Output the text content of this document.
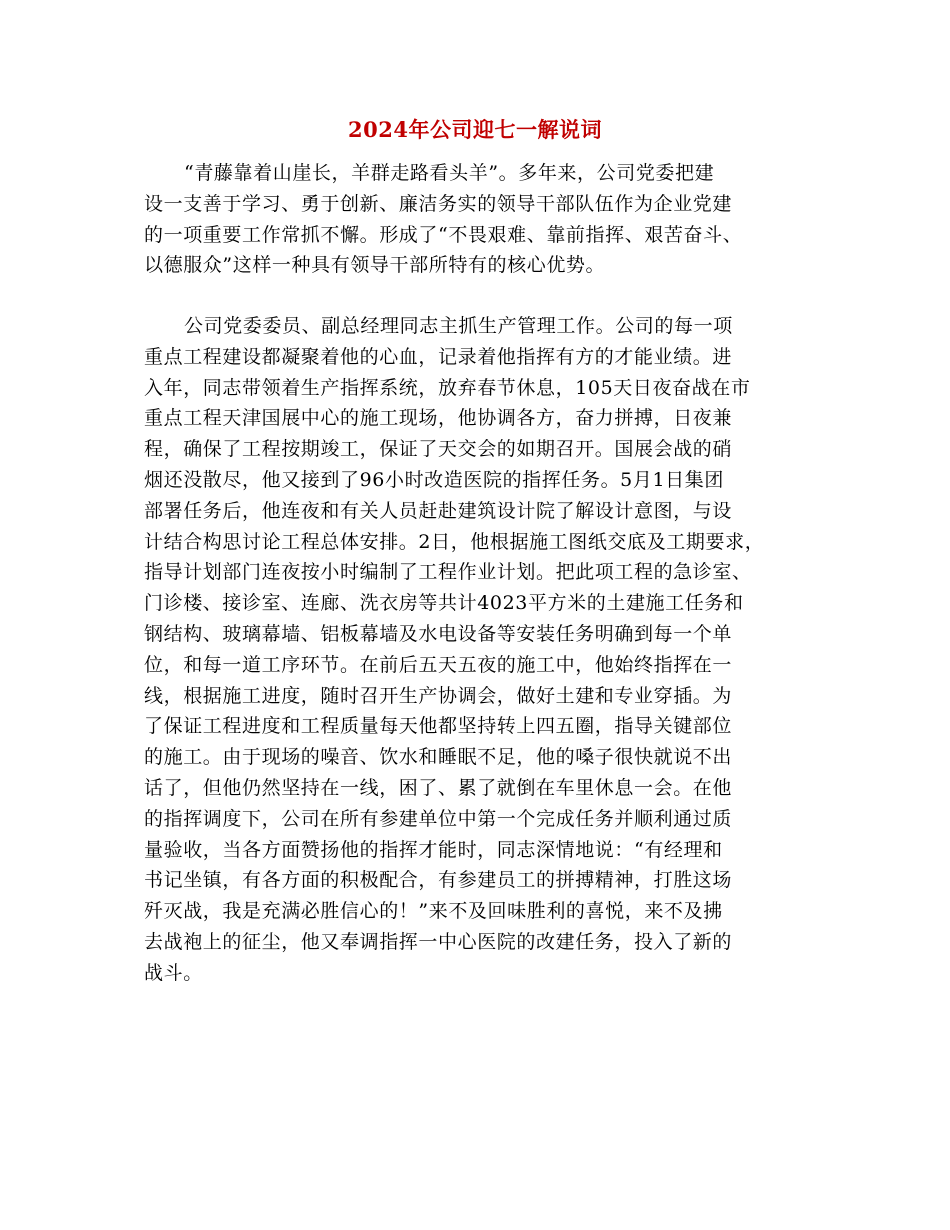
2024年公司迎七一解说词
“青藤靠着山崖长，羊群走路看头羊”。多年来，公司党委把建
设一支善于学习、勇于创新、廉洁务实的领导干部队伍作为企业党建
的一项重要工作常抓不懈。形成了“不畏艰难、靠前指挥、艰苦奋斗、
以德服众”这样一种具有领导干部所特有的核心优势。
公司党委委员、副总经理同志主抓生产管理工作。公司的每一项
重点工程建设都凝聚着他的心血，记录着他指挥有方的才能业绩。进
入年，同志带领着生产指挥系统，放弃春节休息，105天日夜奋战在市
重点工程天津国展中心的施工现场，他协调各方，奋力拼搏，日夜兼
程，确保了工程按期竣工，保证了天交会的如期召开。国展会战的硝
烟还没散尽，他又接到了96小时改造医院的指挥任务。5月1日集团
部署任务后，他连夜和有关人员赶赴建筑设计院了解设计意图，与设
计结合构思讨论工程总体安排。2日，他根据施工图纸交底及工期要求，
指导计划部门连夜按小时编制了工程作业计划。把此项工程的急诊室、
门诊楼、接诊室、连廊、洗衣房等共计4023平方米的土建施工任务和
钢结构、玻璃幕墙、铝板幕墙及水电设备等安装任务明确到每一个单
位，和每一道工序环节。在前后五天五夜的施工中，他始终指挥在一
线，根据施工进度，随时召开生产协调会，做好土建和专业穿插。为
了保证工程进度和工程质量每天他都坚持转上四五圈，指导关键部位
的施工。由于现场的噪音、饮水和睡眠不足，他的嗓子很快就说不出
话了，但他仍然坚持在一线，困了、累了就倒在车里休息一会。在他
的指挥调度下，公司在所有参建单位中第一个完成任务并顺利通过质
量验收，当各方面赞扬他的指挥才能时，同志深情地说：“有经理和
书记坐镇，有各方面的积极配合，有参建员工的拼搏精神，打胜这场
歼灭战，我是充满必胜信心的！”来不及回味胜利的喜悦，来不及拂
去战袍上的征尘，他又奉调指挥一中心医院的改建任务，投入了新的
战斗。
